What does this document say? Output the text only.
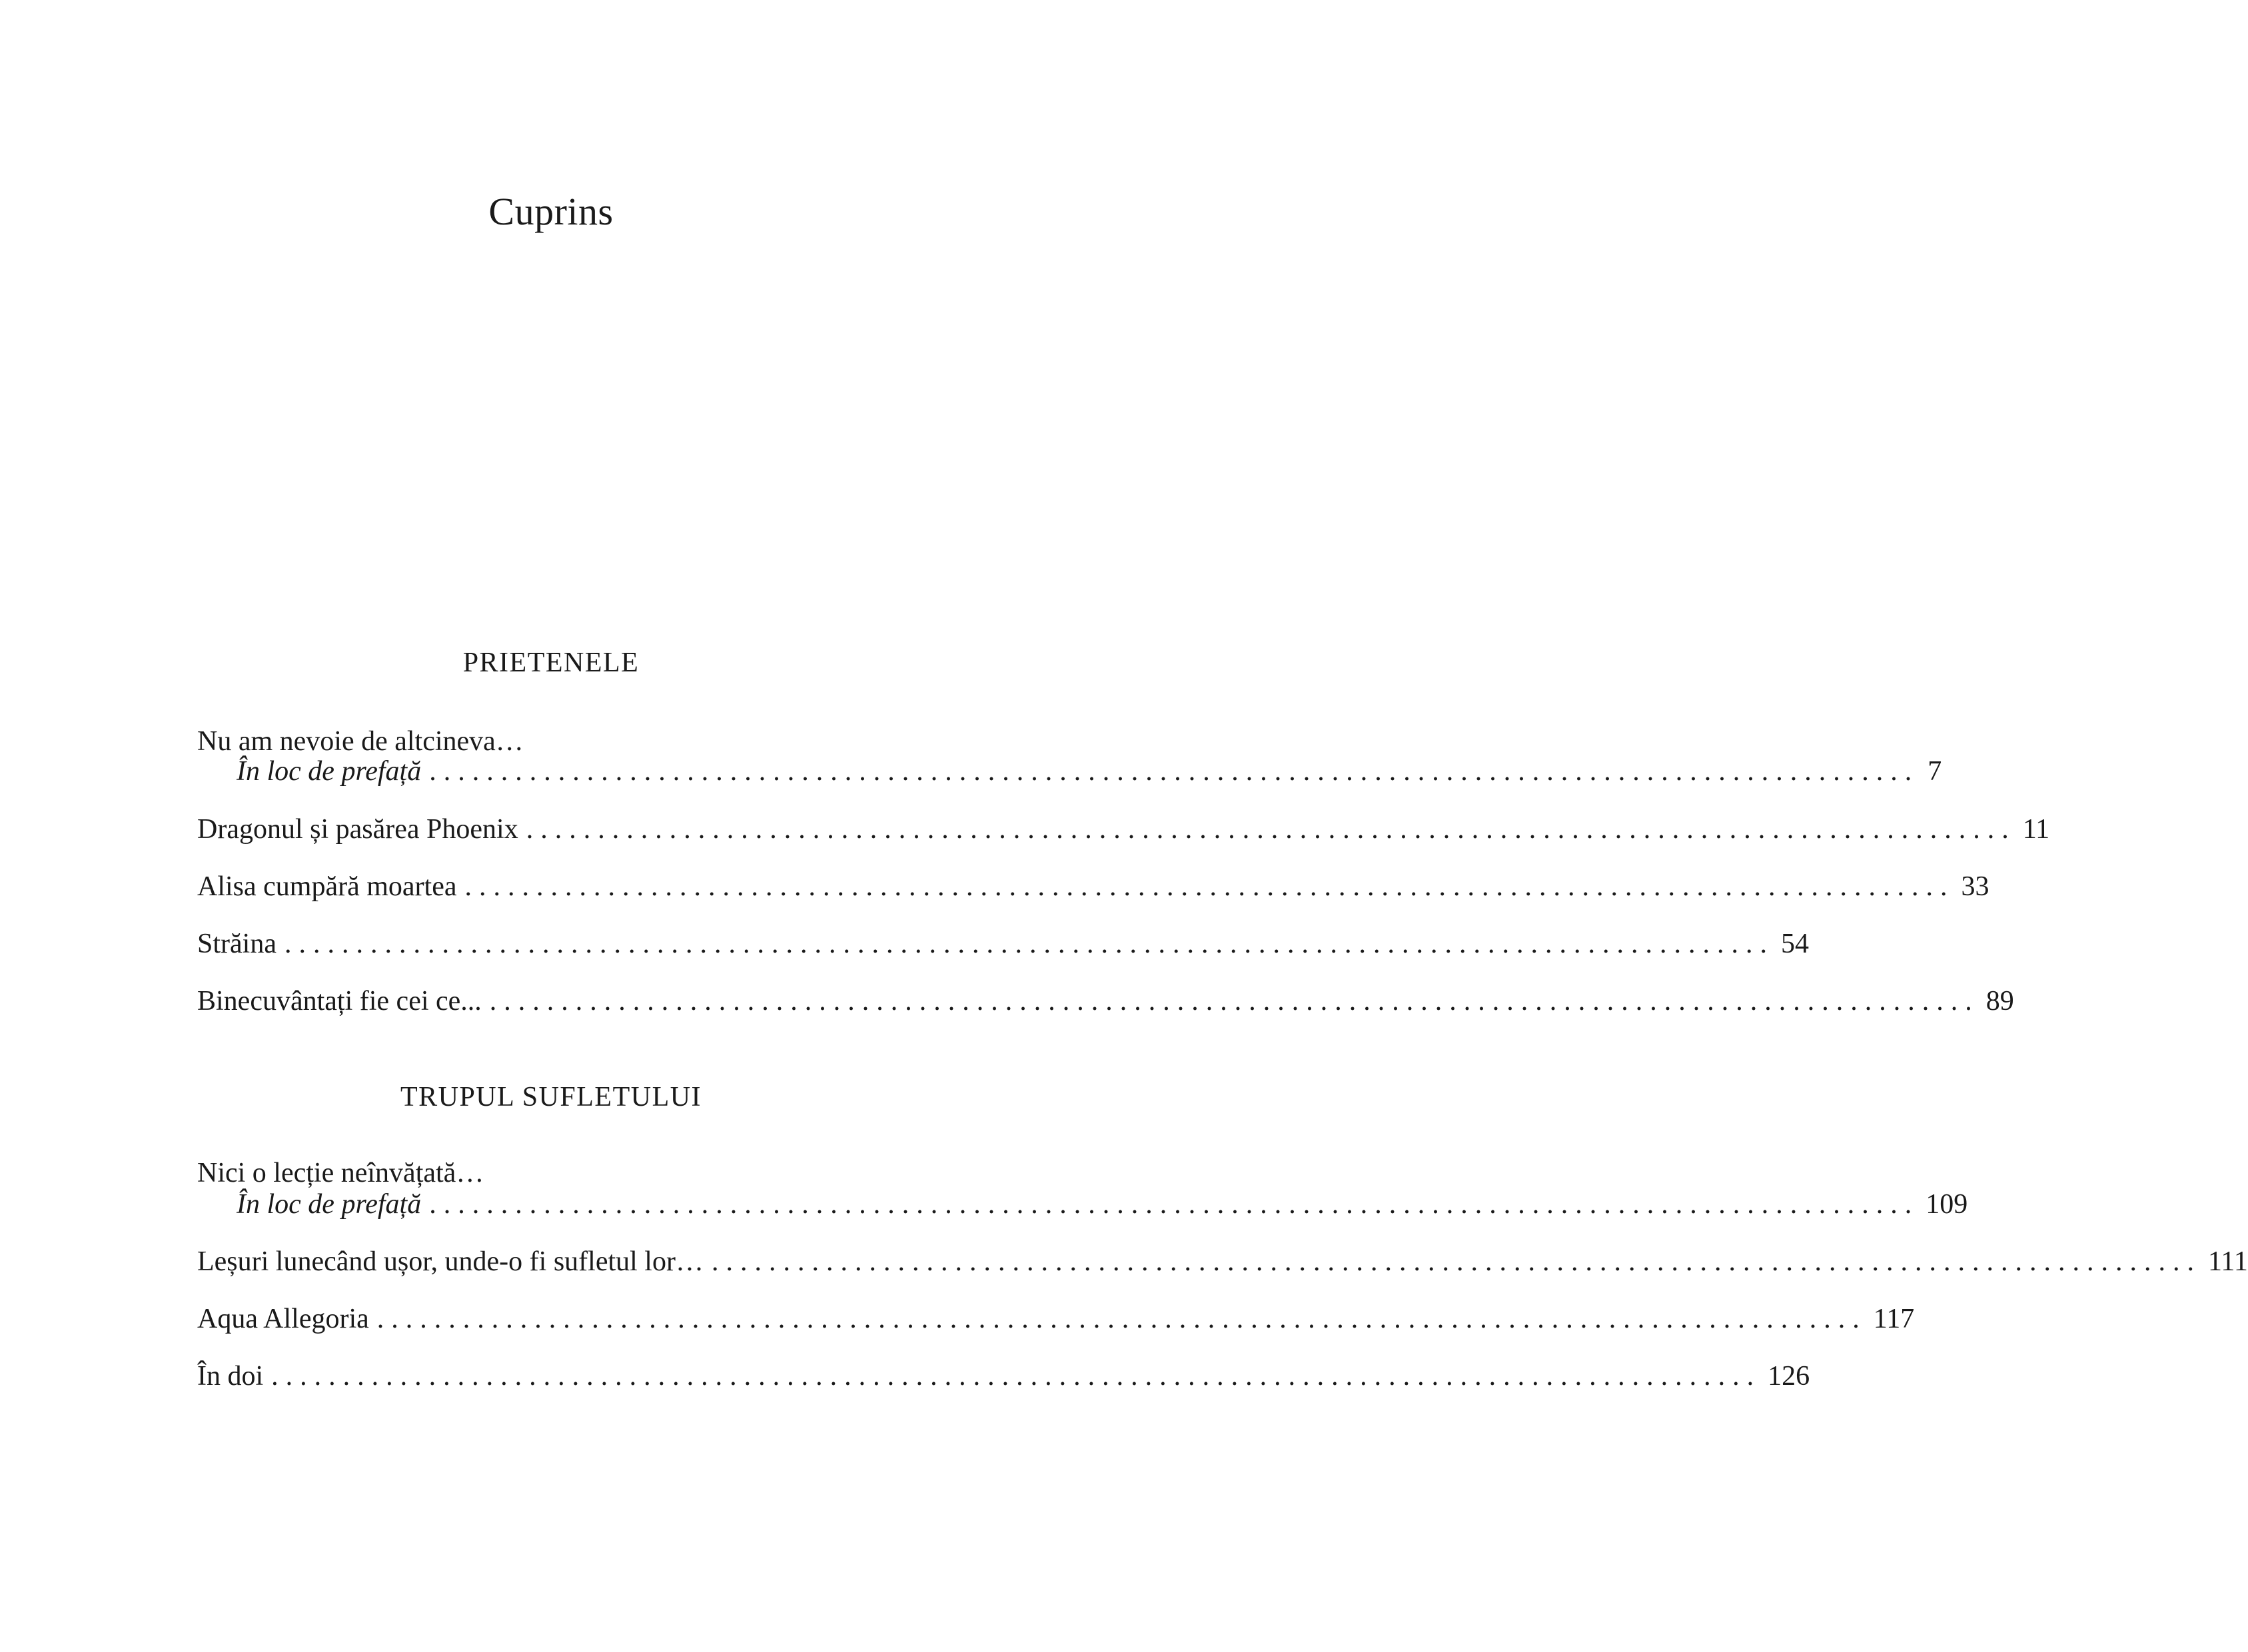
Cuprins
PRIETENELE
Nu am nevoie de altcineva…
În loc de prefață ........................................................................................................ 7
Dragonul și pasărea Phoenix ........................................................................................................ 11
Alisa cumpără moartea ........................................................................................................ 33
Străina ........................................................................................................ 54
Binecuvântați fie cei ce... ........................................................................................................ 89
TRUPUL SUFLETULUI
Nici o lecție neînvățată…
În loc de prefață ........................................................................................................ 109
Leșuri lunecând ușor, unde-o fi sufletul lor… ........................................................................................................ 111
Aqua Allegoria ........................................................................................................ 117
În doi ........................................................................................................ 126
